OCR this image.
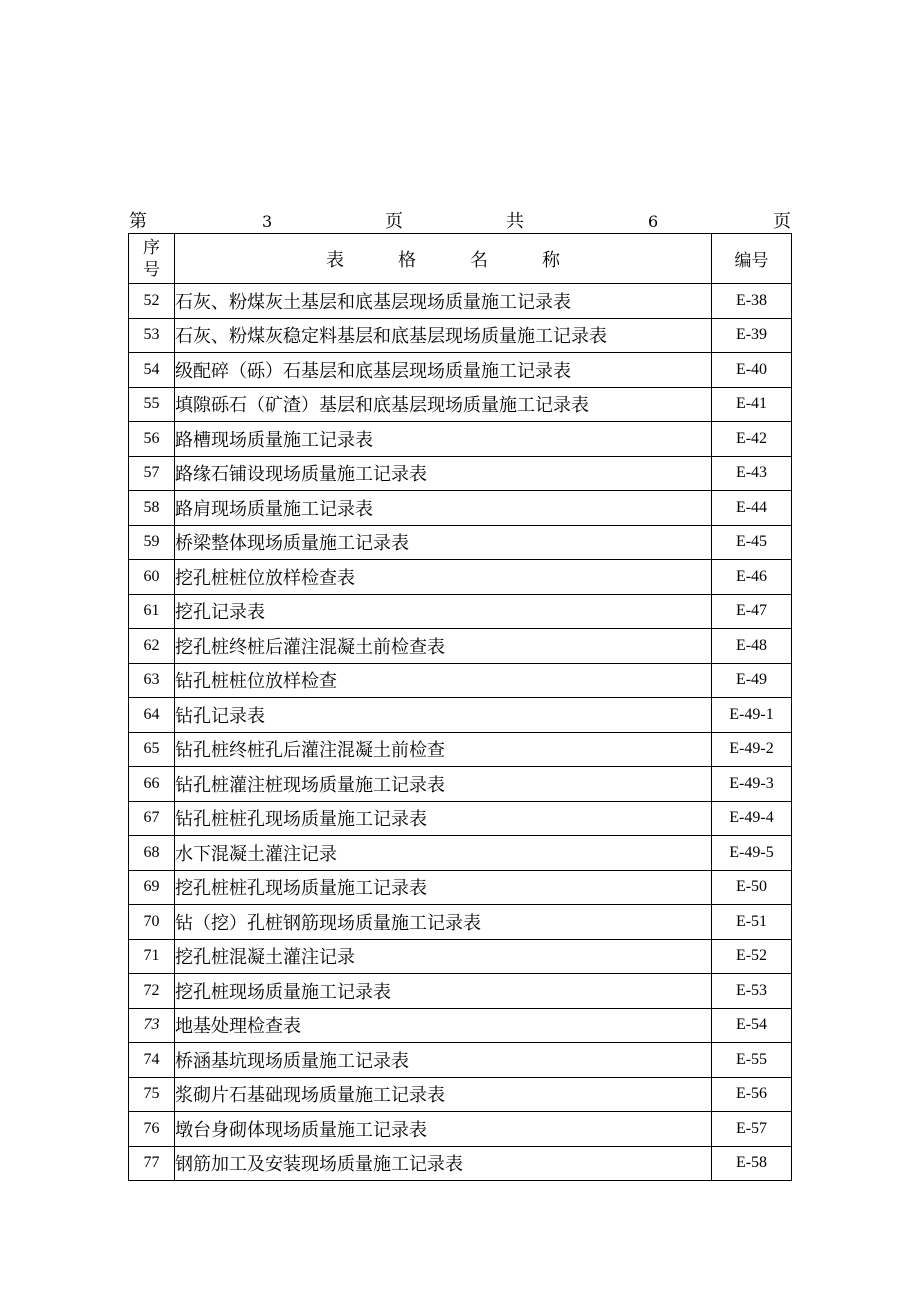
第	3	页	共	6	页
序
号	表 格 名 称	编号
52	石灰、粉煤灰土基层和底基层现场质量施工记录表	E-38
53	石灰、粉煤灰稳定料基层和底基层现场质量施工记录表	E-39
54	级配碎（砾）石基层和底基层现场质量施工记录表	E-40
55	填隙砾石（矿渣）基层和底基层现场质量施工记录表	E-41
56	路槽现场质量施工记录表	E-42
57	路缘石铺设现场质量施工记录表	E-43
58	路肩现场质量施工记录表	E-44
59	桥梁整体现场质量施工记录表	E-45
60	挖孔桩桩位放样检查表	E-46
61	挖孔记录表	E-47
62	挖孔桩终桩后灌注混凝土前检查表	E-48
63	钻孔桩桩位放样检查	E-49
64	钻孔记录表	E-49-1
65	钻孔桩终桩孔后灌注混凝土前检查	E-49-2
66	钻孔桩灌注桩现场质量施工记录表	E-49-3
67	钻孔桩桩孔现场质量施工记录表	E-49-4
68	水下混凝土灌注记录	E-49-5
69	挖孔桩桩孔现场质量施工记录表	E-50
70	钻（挖）孔桩钢筋现场质量施工记录表	E-51
71	挖孔桩混凝土灌注记录	E-52
72	挖孔桩现场质量施工记录表	E-53
73	地基处理检查表	E-54
74	桥涵基坑现场质量施工记录表	E-55
75	浆砌片石基础现场质量施工记录表	E-56
76	墩台身砌体现场质量施工记录表	E-57
77	钢筋加工及安装现场质量施工记录表	E-58
